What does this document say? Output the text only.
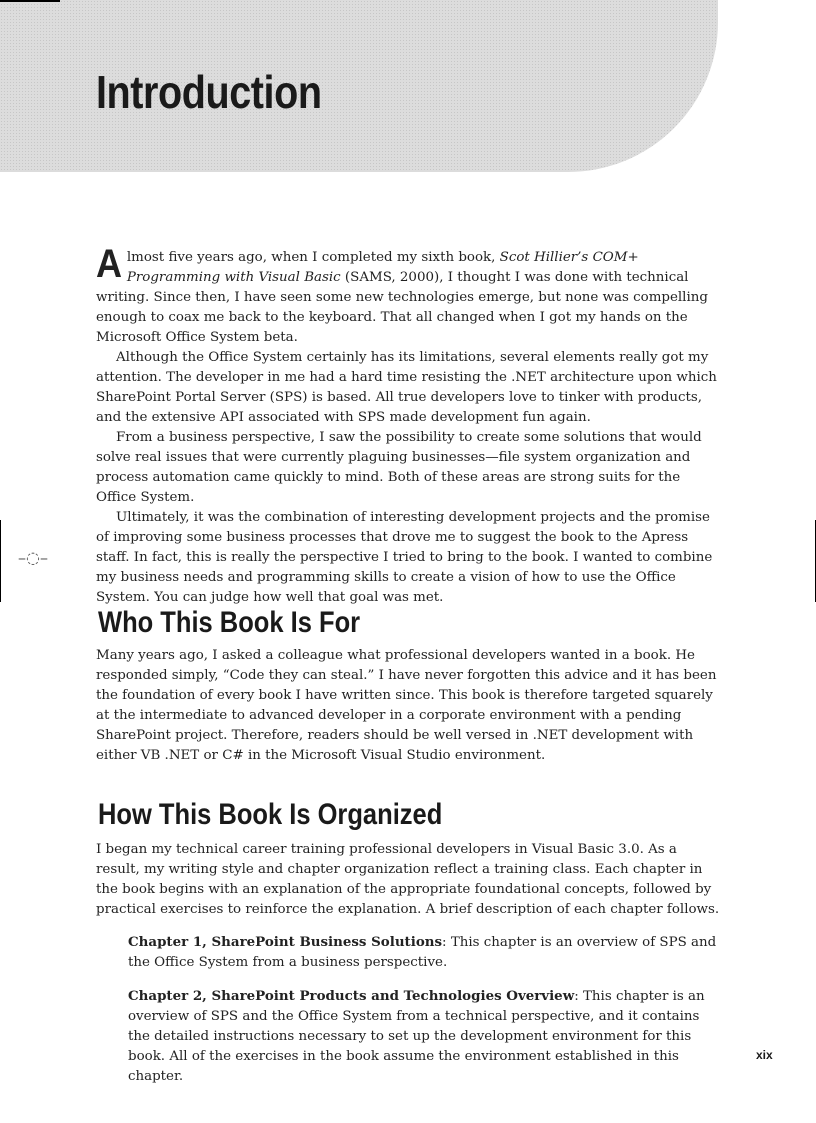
Introduction

Almost five years ago, when I completed my sixth book, Scot Hillier’s COM+ Programming with Visual Basic (SAMS, 2000), I thought I was done with technical writing. Since then, I have seen some new technologies emerge, but none was compelling enough to coax me back to the keyboard. That all changed when I got my hands on the Microsoft Office System beta.

Although the Office System certainly has its limitations, several elements really got my attention. The developer in me had a hard time resisting the .NET architecture upon which SharePoint Portal Server (SPS) is based. All true developers love to tinker with products, and the extensive API associated with SPS made development fun again.

From a business perspective, I saw the possibility to create some solutions that would solve real issues that were currently plaguing businesses—file system organization and process automation came quickly to mind. Both of these areas are strong suits for the Office System.

Ultimately, it was the combination of interesting development projects and the promise of improving some business processes that drove me to suggest the book to the Apress staff. In fact, this is really the perspective I tried to bring to the book. I wanted to combine my business needs and programming skills to create a vision of how to use the Office System. You can judge how well that goal was met.

–◌–
Who This Book Is For

Many years ago, I asked a colleague what professional developers wanted in a book. He responded simply, “Code they can steal.” I have never forgotten this advice and it has been the foundation of every book I have written since. This book is therefore targeted squarely at the intermediate to advanced developer in a corporate environment with a pending SharePoint project. Therefore, readers should be well versed in .NET development with either VB .NET or C# in the Microsoft Visual Studio environment.

How This Book Is Organized

I began my technical career training professional developers in Visual Basic 3.0. As a result, my writing style and chapter organization reflect a training class. Each chapter in the book begins with an explanation of the appropriate foundational concepts, followed by practical exercises to reinforce the explanation. A brief description of each chapter follows.

Chapter 1, SharePoint Business Solutions: This chapter is an overview of SPS and the Office System from a business perspective.
Chapter 2, SharePoint Products and Technologies Overview: This chapter is an overview of SPS and the Office System from a technical perspective, and it contains the detailed instructions necessary to set up the development environment for this book. All of the exercises in the book assume the environment established in this chapter.
xix
